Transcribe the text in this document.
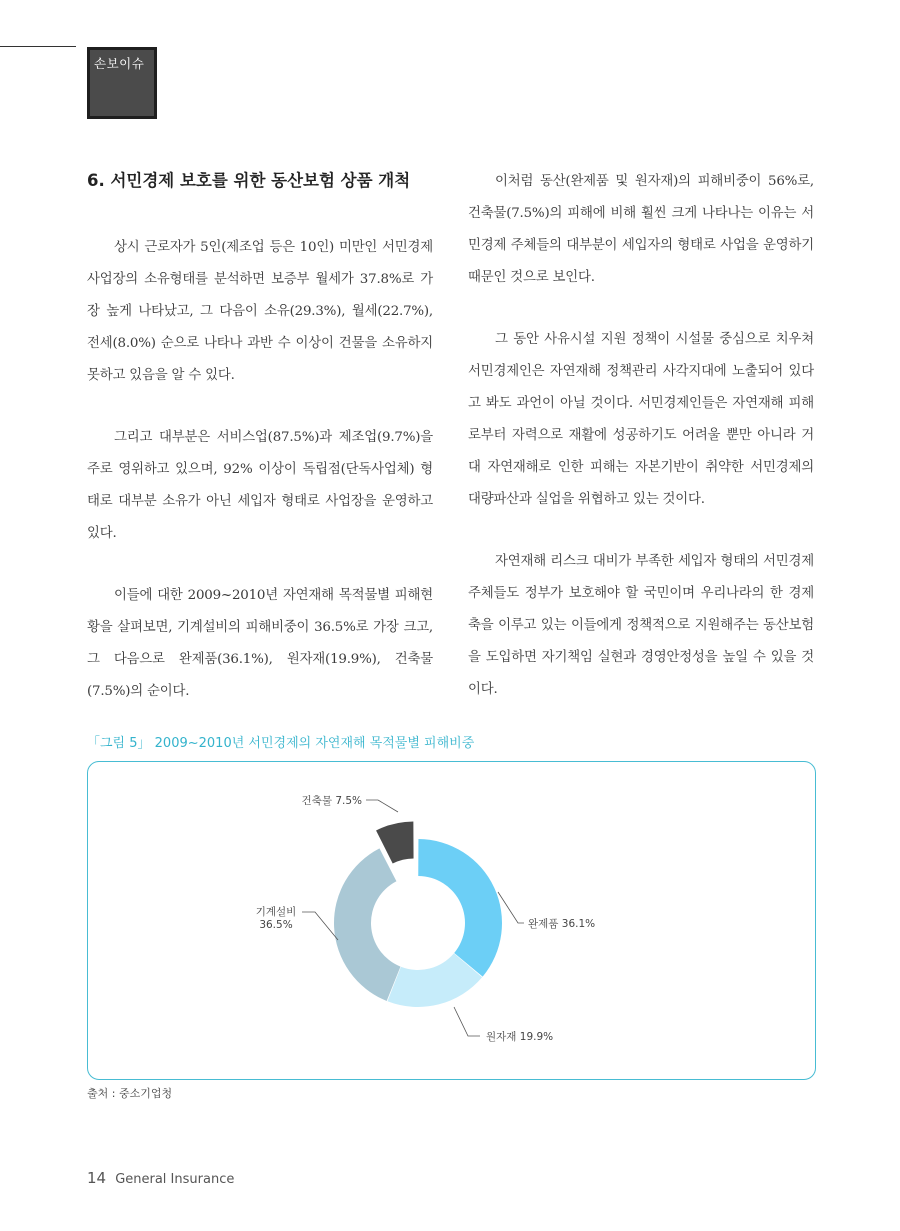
손보이슈
6. 서민경제 보호를 위한 동산보험 상품 개척

상시 근로자가 5인(제조업 등은 10인) 미만인 서민경제 사업장의 소유형태를 분석하면 보증부 월세가 37.8%로 가장 높게 나타났고, 그 다음이 소유(29.3%), 월세(22.7%), 전세(8.0%) 순으로 나타나 과반 수 이상이 건물을 소유하지 못하고 있음을 알 수 있다.

그리고 대부분은 서비스업(87.5%)과 제조업(9.7%)을 주로 영위하고 있으며, 92% 이상이 독립점(단독사업체) 형태로 대부분 소유가 아닌 세입자 형태로 사업장을 운영하고 있다.

이들에 대한 2009~2010년 자연재해 목적물별 피해현황을 살펴보면, 기계설비의 피해비중이 36.5%로 가장 크고, 그 다음으로 완제품(36.1%), 원자재(19.9%), 건축물(7.5%)의 순이다.

이처럼 동산(완제품 및 원자재)의 피해비중이 56%로, 건축물(7.5%)의 피해에 비해 훨씬 크게 나타나는 이유는 서민경제 주체들의 대부분이 세입자의 형태로 사업을 운영하기 때문인 것으로 보인다.

그 동안 사유시설 지원 정책이 시설물 중심으로 치우쳐 서민경제인은 자연재해 정책관리 사각지대에 노출되어 있다고 봐도 과언이 아닐 것이다. 서민경제인들은 자연재해 피해로부터 자력으로 재활에 성공하기도 어려울 뿐만 아니라 거대 자연재해로 인한 피해는 자본기반이 취약한 서민경제의 대량파산과 실업을 위협하고 있는 것이다.

자연재해 리스크 대비가 부족한 세입자 형태의 서민경제 주체들도 정부가 보호해야 할 국민이며 우리나라의 한 경제 축을 이루고 있는 이들에게 정책적으로 지원해주는 동산보험을 도입하면 자기책임 실현과 경영안정성을 높일 수 있을 것이다.

「그림 5」 2009~2010년 서민경제의 자연재해 목적물별 피해비중
완제품 36.1%
원자재 19.9%
기계설비 36.5%
건축물 7.5%
출처 : 중소기업청
14 General Insurance
